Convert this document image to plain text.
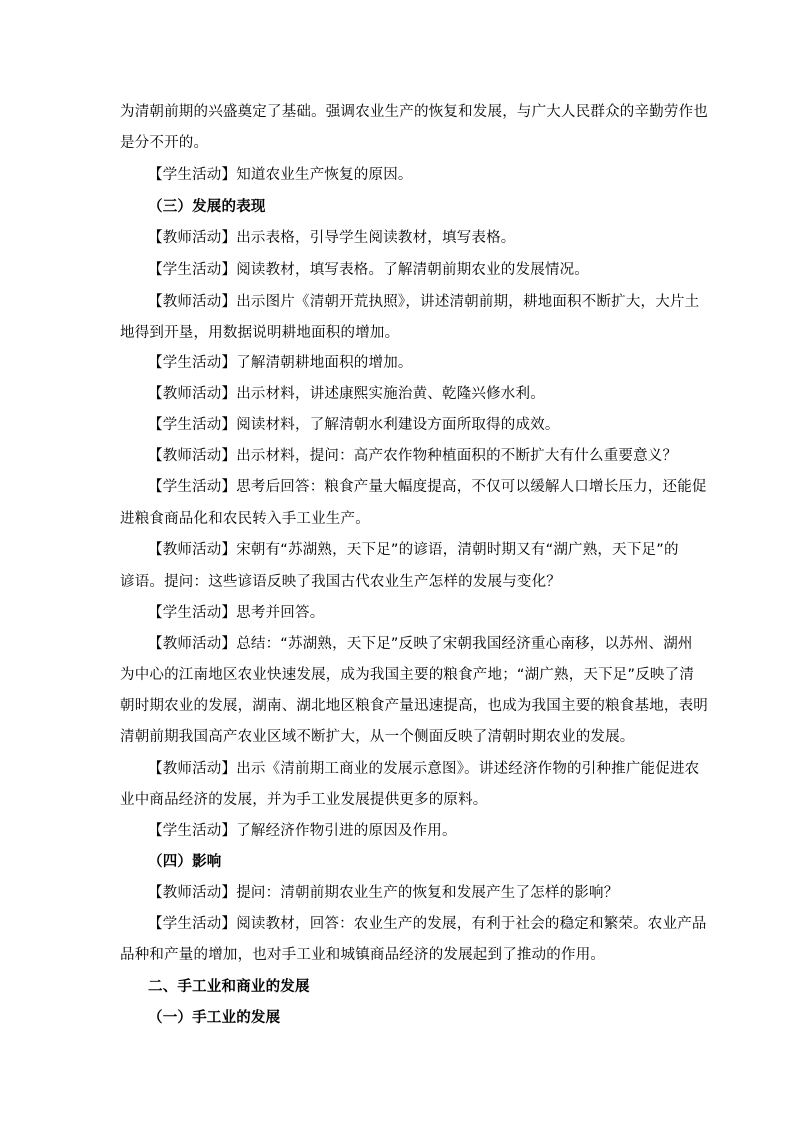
为清朝前期的兴盛奠定了基础。强调农业生产的恢复和发展，与广大人民群众的辛勤劳作也
是分不开的。
【学生活动】知道农业生产恢复的原因。
（三）发展的表现
【教师活动】出示表格，引导学生阅读教材，填写表格。
【学生活动】阅读教材，填写表格。了解清朝前期农业的发展情况。
【教师活动】出示图片《清朝开荒执照》，讲述清朝前期，耕地面积不断扩大，大片土
地得到开垦，用数据说明耕地面积的增加。
【学生活动】了解清朝耕地面积的增加。
【教师活动】出示材料，讲述康熙实施治黄、乾隆兴修水利。
【学生活动】阅读材料，了解清朝水利建设方面所取得的成效。
【教师活动】出示材料，提问：高产农作物种植面积的不断扩大有什么重要意义？
【学生活动】思考后回答：粮食产量大幅度提高，不仅可以缓解人口增长压力，还能促
进粮食商品化和农民转入手工业生产。
【教师活动】宋朝有“苏湖熟，天下足”的谚语，清朝时期又有“湖广熟，天下足”的
谚语。提问：这些谚语反映了我国古代农业生产怎样的发展与变化？
【学生活动】思考并回答。
【教师活动】总结：“苏湖熟，天下足”反映了宋朝我国经济重心南移，以苏州、湖州
为中心的江南地区农业快速发展，成为我国主要的粮食产地；“湖广熟，天下足”反映了清
朝时期农业的发展，湖南、湖北地区粮食产量迅速提高，也成为我国主要的粮食基地，表明
清朝前期我国高产农业区域不断扩大，从一个侧面反映了清朝时期农业的发展。
【教师活动】出示《清前期工商业的发展示意图》。讲述经济作物的引种推广能促进农
业中商品经济的发展，并为手工业发展提供更多的原料。
【学生活动】了解经济作物引进的原因及作用。
（四）影响
【教师活动】提问：清朝前期农业生产的恢复和发展产生了怎样的影响？
【学生活动】阅读教材，回答：农业生产的发展，有利于社会的稳定和繁荣。农业产品
品种和产量的增加，也对手工业和城镇商品经济的发展起到了推动的作用。
二、手工业和商业的发展
（一）手工业的发展
